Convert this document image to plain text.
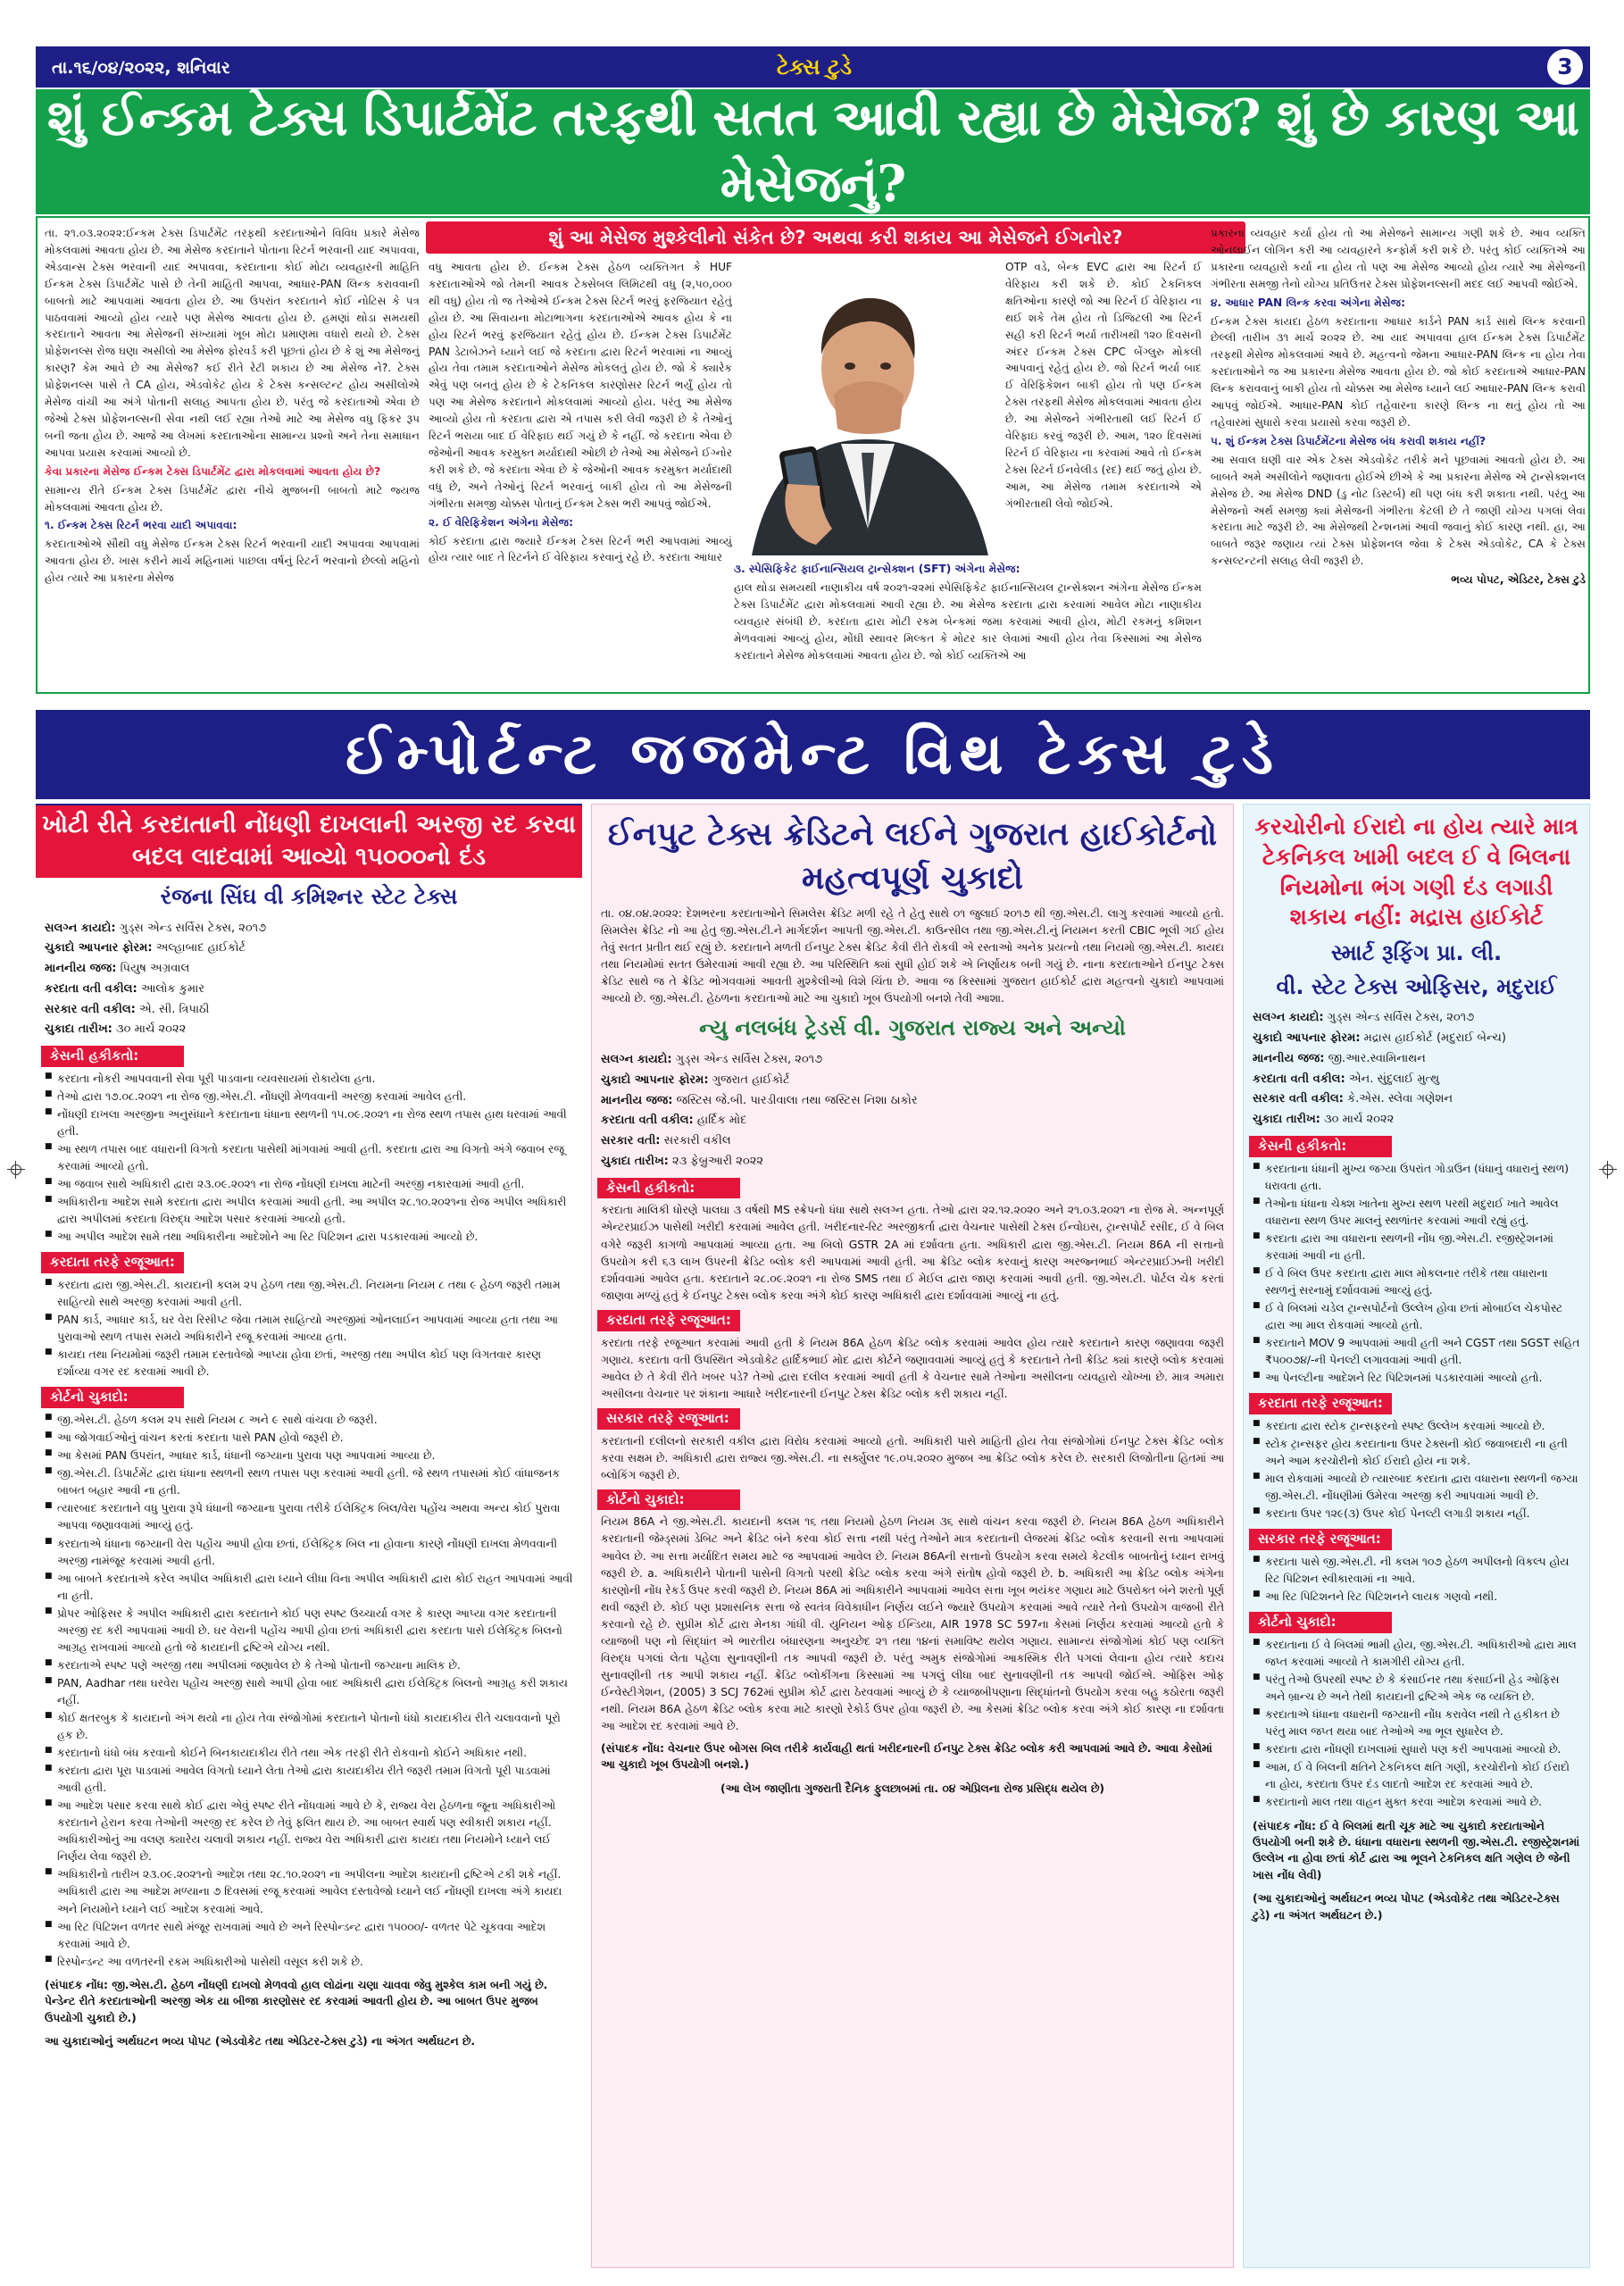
તા.૧૬/૦૪/૨૦૨૨, શનિવાર	ટેક્સ ટુડે	3
શું ઈન્કમ ટેક્સ ડિપાર્ટમેંટ તરફથી સતત આવી રહ્યા છે મેસેજ? શું છે કારણ આ મેસેજનું?
શું આ મેસેજ મુશ્કેલીનો સંકેત છે? અથવા કરી શકાય આ મેસેજને ઈગનોર?

તા. ૨૧.૦૩.૨૦૨૨:ઈન્કમ ટેક્સ ડિપાર્ટમેંટ તરફથી કરદાતાઓને વિવિધ પ્રકારે મેસેજ મોકલવામાં આવતા હોય છે. આ મેસેજ કરદાતાને પોતાના રિટર્ન ભરવાની યાદ અપાવવા, એડવાન્સ ટેક્સ ભરવાની યાદ અપાવવા, કરદાતાના કોઈ મોટા વ્યવહારની માહિતિ ઈન્કમ ટેક્સ ડિપાર્ટમેંટ પાસે છે તેની માહિતી આપવા, આધાર-PAN લિન્ક કરાવવાની બાબતો માટે આપવામાં આવતા હોય છે. આ ઉપરાંત કરદાતાને કોઈ નોટિસ કે પત્ર પાઠવવામાં આવ્યો હોય ત્યારે પણ મેસેજ આવતા હોય છે. હમણાં થોડા સમયથી કરદાતાને આવતા આ મેસેજની સંખ્યામાં ખૂબ મોટા પ્રમાણમા વધારો થયો છે. ટેક્સ પ્રોફેશનલ્સ રોજ ઘણા અસીલો આ મેસેજ ફોરવર્ડ કરી પૂછતાં હોય છે કે શું આ મેસેજનું કારણ? કેમ આવે છે આ મેસેજ? કઈ રીતે રેટી શકાય છે આ મેસેજ ને?. ટેક્સ પ્રોફેશનલ્સ પાસે તે CA હોય, એડવોકેટ હોય કે ટેક્સ કન્સલ્ટન્ટ હોય અસીલોએ મેસેજ વાંચી આ અંગે પોતાની સલાહ આપતા હોય છે. પરંતુ જે કરદાતાઓ એવા છે જેઓ ટેક્સ પ્રોફેશનલ્સની સેવા નથી લઈ રહ્યા તેઓ માટે આ મેસેજ વધુ ફિકર રૂપ બની જતા હોય છે. આજે આ લેખમાં કરદાતાઓના સામાન્ય પ્રશ્નો અને તેના સમાધાન આપવા પ્રયાસ કરવામાં આવ્યો છે.

કેવા પ્રકારના મેસેજ ઈન્કમ ટેક્સ ડિપાર્ટમેંટ દ્વારા મોકલવામાં આવતા હોય છે?

સામાન્ય રીતે ઈન્કમ ટેક્સ ડિપાર્ટમેંટ દ્વારા નીચે મુજબની બાબતો માટે જ્યજ મોકલવામાં આવતા હોય છે.

૧. ઈન્કમ ટેક્સ રિટર્ન ભરવા યાદી અપાવવા:

કરદાતાઓએ સૌથી વધુ મેસેજ ઈન્કમ ટેક્સ રિટર્ન ભરવાની યાદી અપાવવા આપવામાં આવતા હોય છે. ખાસ કરીને માર્ચ મહિનામાં પાછલા વર્ષનું રિટર્ન ભરવાનો છેલ્લો મહિનો હોય ત્યારે આ પ્રકારના મેસેજ

વધુ આવતા હોય છે. ઈન્કમ ટેક્સ હેઠળ વ્યક્તિગત કે HUF કરદાતાઓએ જો તેમની આવક ટેક્સેબલ લિમિટથી વધુ (૨,૫૦,૦૦૦ થી વધુ) હોય તો જ તેઓએ ઈન્કમ ટેક્સ રિટર્ન ભરવું ફરજિયાત રહેતું હોય છે. આ સિવાયના મોટાભાગના કરદાતાઓએ આવક હોય કે ના હોય રિટર્ન ભરવું ફરજિયાત રહેતું હોય છે. ઈન્કમ ટેક્સ ડિપાર્ટમેંટ PAN ડેટાબેઝને ધ્યાને લઈ જે કરદાતા દ્વારા રિટર્ન ભરવામાં ના આવ્યું હોય તેવા તમામ કરદાતાઓને મેસેજ મોકલતું હોય છે. જો કે ક્યારેક એવું પણ બનતું હોય છે કે ટેકનિકલ કારણોસર રિટર્ન ભર્યું હોય તો પણ આ મેસેજ કરદાતાને મોકલવામાં આવ્યો હોય. પરંતુ આ મેસેજ આવ્યો હોય તો કરદાતા દ્વારા એ તપાસ કરી લેવી જરૂરી છે કે તેઓનું રિટર્ન ભરાયા બાદ ઈ વેરિફાઇ થઈ ગયું છે કે નહીં. જે કરદાતા એવા છે જેઓની આવક કરમુક્ત મર્યાદાથી ઓછી છે તેઓ આ મેસેજને ઈગ્નોર કરી શકે છે. જે કરદાતા એવા છે કે જેઓની આવક કરમુક્ત મર્યાદાથી વધુ છે, અને તેઓનું રિટર્ન ભરવાનું બાકી હોય તો આ મેસેજની ગંભીરતા સમજી ચોક્કસ પોતાનું ઈન્કમ ટેક્સ ભરી આપવું જોઈએ.

૨. ઈ વેરિફિકેશન અંગેના મેસેજ:

કોઈ કરદાતા દ્વારા જ્યારે ઈન્કમ ટેક્સ રિટર્ન ભરી આપવામાં આવ્યું હોય ત્યાર બાદ તે રિટર્નને ઈ વેરિફાય કરવાનું રહે છે. કરદાતા આધાર

OTP વડે, બેન્ક EVC દ્વારા આ રિટર્ન ઈ વેરિફાય કરી શકે છે. કોઈ ટેકનિકલ ક્ષતિઓના કારણે જો આ રિટર્ન ઈ વેરિફાય ના થઈ શકે તેમ હોય તો ડિજિટલી આ રિટર્ન સહી કરી રિટર્ન ભર્યા તારીખથી ૧૨૦ દિવસની અંદર ઈન્કમ ટેક્સ CPC બેંગ્લુરુ મોકલી આપવાનું રહેતું હોય છે. જો રિટર્ન ભર્યા બાદ ઈ વેરિફિકેશન બાકી હોય તો પણ ઈન્કમ ટેક્સ તરફથી મેસેજ મોકલવામાં આવતા હોય છે. આ મેસેજને ગંભીરતાથી લઈ રિટર્ન ઈ વેરિફાઇ કરવું જરૂરી છે. આમ, ૧૨૦ દિવસમાં રિટર્ન ઈ વેરિફાય ના કરવામાં આવે તો ઈન્કમ ટેક્સ રિટર્ન ઈનવેલીડ (રદ) થઈ જતું હોય છે. આમ, આ મેસેજ તમામ કરદાતાએ એ ગંભીરતાથી લેવો જોઈએ.

૩. સ્પેસિફિકેટ ફાઈનાન્સિયલ ટ્રાન્સેક્શન (SFT) અંગેના મેસેજ:

હાલ થોડા સમયથી નાણાકીય વર્ષ ૨૦૨૧-૨૨માં સ્પેસિફિકેટ ફાઈનાન્સિયલ ટ્રાન્સેક્શન અંગેના મેસેજ ઈન્કમ ટેક્સ ડિપાર્ટમેંટ દ્વારા મોકલવામાં આવી રહ્યા છે. આ મેસેજ કરદાતા દ્વારા કરવામાં આવેલ મોટા નાણાકીય વ્યવહાર સંબંધી છે. કરદાતા દ્વારા મોટી રકમ બેન્કમાં જમા કરવામાં આવી હોય, મોટી રકમનું કમિશન મેળવવામાં આવ્યું હોય, મોંઘી સ્થાવર મિલ્કત કે મોટર કાર લેવામાં આવી હોય તેવા કિસ્સામાં આ મેસેજ કરદાતાને મેસેજ મોકલવામાં આવતા હોય છે. જો કોઈ વ્યક્તિએ આ

પ્રકારના વ્યવહાર કર્યા હોય તો આ મેસેજને સામાન્ય ગણી શકે છે. આવ વ્યક્તિ ઓનલાઈન લોગિન કરી આ વ્યવહારને કન્ફોર્મ કરી શકે છે. પરંતુ કોઈ વ્યક્તિએ આ પ્રકારના વ્યવહારો કર્યા ના હોય તો પણ આ મેસેજ આવ્યો હોય ત્યારે આ મેસેજની ગંભીરતા સમજી તેનો યોગ્ય પ્રતિઉત્તર ટેક્સ પ્રોફેશનલ્સની મદદ લઈ આપવી જોઈએ.

૪. આધાર PAN લિન્ક કરવા અંગેના મેસેજ:

ઈન્કમ ટેક્સ કાયદા હેઠળ કરદાતાના આધાર કાર્ડને PAN કાર્ડ સાથે લિન્ક કરવાની છેલ્લી તારીખ ૩૧ માર્ચ ૨૦૨૨ છે. આ યાદ અપાવવા હાલ ઈન્કમ ટેક્સ ડિપાર્ટમેંટ તરફથી મેસેજ મોકલવામાં આવે છે. મહત્વનો જેમના આધાર-PAN લિન્ક ના હોય તેવા કરદાતાઓને જ આ પ્રકારના મેસેજ આવતા હોય છે. જો કોઈ કરદાતાએ આધાર-PAN લિન્ક કરાવવાનું બાકી હોય તો ચોક્કસ આ મેસેજ ધ્યાને લઈ આધાર-PAN લિન્ક કરાવી આપવું જોઈએ. આધાર-PAN કોઈ તહેવારના કારણે લિન્ક ના થતું હોય તો આ તહેવારમાં સુધારો કરવા પ્રયાસો કરવા જરૂરી છે.

૫. શું ઈન્કમ ટેક્સ ડિપાર્ટમેંટના મેસેજ બંધ કરાવી શકાય નહીં?

આ સવાલ ઘણી વાર એક ટેક્સ એડવોકેટ તરીકે મને પૂછવામાં આવતો હોય છે. આ બાબતે અમે અસીલોને જણાવતા હોઈએ છીએ કે આ પ્રકારના મેસેજ એ ટ્રાન્સેક્શનલ મેસેજ છે. આ મેસેજ DND (ડુ નોટ ડિસ્ટર્બ) થી પણ બંધ કરી શકાતા નથી. પરંતુ આ મેસેજનો અર્થ સમજી ક્યાં મેસેજની ગંભીરતા કેટલી છે તે જાણી યોગ્ય પગલાં લેવા કરદાતા માટે જરૂરી છે. આ મેસેજથી ટેન્શનમાં આવી જવાનું કોઈ કારણ નથી. હા, આ બાબતે જરૂર જણાય ત્યાં ટેક્સ પ્રોફેશનલ જેવા કે ટેક્સ એડવોકેટ, CA કે ટેક્સ કન્સલ્ટન્ટની સલાહ લેવી જરૂરી છે.

ભવ્ય પોપટ, એડિટર, ટેક્સ ટુડે

ઈમ્પોર્ટન્ટ જજમેન્ટ વિથ ટેક્સ ટુડે
ખોટી રીતે કરદાતાની નોંધણી દાખલાની અરજી રદ કરવા બદલ લાદવામાં આવ્યો ૧૫૦૦૦નો દંડ
રંજના સિંઘ વી કમિશ્નર સ્ટેટ ટેક્સ
સલગ્ન કાયદો: ગુડ્સ એન્ડ સર્વિસ ટેક્સ, ૨૦૧૭
ચુકાદો આપનાર ફોરમ: અલ્હાબાદ હાઈકોર્ટ
માનનીય જજ: પિયુષ અગ્રવાલ
કરદાતા વતી વકીલ: આલોક કુમાર
સરકાર વતી વકીલ: એ. સી. ત્રિપાઠી
ચુકાદા તારીખ: ૩૦ માર્ચ ૨૦૨૨
કેસની હકીકતો:
■ કરદાતા નોકરી આપવવાની સેવા પૂરી પાડવાના વ્યવસાયમાં રોકાયેલા હતા.
■ તેઓ દ્વારા ૧૭.૦૮.૨૦૨૧ ના રોજ જી.એસ.ટી. નોંધણી મેળવવાની અરજી કરવામાં આવેલ હતી.
■ નોંધણી દાખલા અરજીના અનુસંધાને કરદાતાના ધંધાના સ્થળની ૧૫.૦૯.૨૦૨૧ ના રોજ સ્થળ તપાસ હાથ ધરવામાં આવી હતી.
■ આ સ્થળ તપાસ બાદ વધારાની વિગતો કરદાતા પાસેથી માંગવામાં આવી હતી. કરદાતા દ્વારા આ વિગતો અંગે જવાબ રજૂ કરવામાં આવ્યો હતો.
■ આ જવાબ સાથે અધિકારી દ્વારા ૨૩.૦૯.૨૦૨૧ ના રોજ નોંધણી દાખલા માટેની અરજી નકારવામાં આવી હતી.
■ અધિકારીના આદેશ સામે કરદાતા દ્વારા અપીલ કરવામાં આવી હતી. આ અપીલ ૨૮.૧૦.૨૦૨૧ના રોજ અપીલ અધિકારી દ્વારા અપીલમાં કરદાતા વિરુદ્ધ આદેશ પસાર કરવામાં આવ્યો હતો.
■ આ અપીલ આદેશ સામે તથા અધિકારીના આદેશોને આ રિટ પિટિશન દ્વારા પડકારવામાં આવ્યો છે.
કરદાતા તરફે રજૂઆત:
■ કરદાતા દ્વારા જી.એસ.ટી. કાયદાની કલમ ૨૫ હેઠળ તથા જી.એસ.ટી. નિયમના નિયમ ૮ તથા ૯ હેઠળ જરૂરી તમામ સાહિત્યો સાથે અરજી કરવામાં આવી હતી.
■ PAN કાર્ડ, આધાર કાર્ડ, ઘર વેરા રિસીપ્ટ જેવા તમામ સાહિત્યો અરજીમાં ઓનલાઈન આપવામાં આવ્યા હતા તથા આ પુરાવાઓ સ્થળ તપાસ સમયે અધિકારીને રજૂ કરવામાં આવ્યા હતા.
■ કાયદા તથા નિયમોમાં જરૂરી તમામ દસ્તાવેજો આપ્યા હોવા છતાં, અરજી તથા અપીલ કોઈ પણ વિગતવાર કારણ દર્શાવ્યા વગર રદ કરવામાં આવી છે.
કોર્ટનો ચુકાદો:
■ જી.એસ.ટી. હેઠળ કલમ ૨૫ સાથે નિયમ ૮ અને ૯ સાથે વાંચવા છે જરૂરી.
■ આ જોગવાઈઓનું વાંચન કરતાં કરદાતા પાસે PAN હોવો જરૂરી છે.
■ આ કેસમાં PAN ઉપરાંત, આધાર કાર્ડ, ધંધાની જગ્યાના પુરાવા પણ આપવામાં આવ્યા છે.
■ જી.એસ.ટી. ડિપાર્ટમેંટ દ્વારા ધંધાના સ્થળની સ્થળ તપાસ પણ કરવામાં આવી હતી. જે સ્થળ તપાસમાં કોઈ વાંધાજનક બાબત બહાર આવી ના હતી.
■ ત્યારબાદ કરદાતાને વધુ પુરાવા રૂપે ધંધાની જગ્યાના પુરાવા તરીકે ઈલેક્ટ્રિક બિલ/વેરા પહોંચ અથવા અન્ય કોઈ પુરાવા આપવા જણાવવામાં આવ્યું હતું.
■ કરદાતાએ ધંધાના જગ્યાની વેરા પહોંચ આપી હોવા છતાં, ઈલેક્ટ્રિક બિલ ના હોવાના કારણે નોંધણી દાખલા મેળવવાની અરજી નામંજૂર કરવામાં આવી હતી.
■ આ બાબતે કરદાતાએ કરેલ અપીલ અધિકારી દ્વારા ધ્યાને લીધા વિના અપીલ અધિકારી દ્વારા કોઈ રાહત આપવામાં આવી ના હતી.
■ પ્રોપર ઓફિસર કે અપીલ અધિકારી દ્વારા કરદાતાને કોઈ પણ સ્પષ્ટ ઉચ્ચાર્યા વગર કે કારણ આપ્યા વગર કરદાતાની અરજી રદ કરી આપવામાં આવી છે. ઘર વેરાની પહોંચ આપી હોવા છતાં અધિકારી દ્વારા કરદાતા પાસે ઈલેક્ટ્રિક બિલનો આગ્રહ રાખવામાં આવ્યો હતો જે કાયદાની દ્રષ્ટિએ યોગ્ય નથી.
■ કરદાતાએ સ્પષ્ટ પણે અરજી તથા અપીલમાં જણાવેલ છે કે તેઓ પોતાની જગ્યાના માલિક છે.
■ PAN, Aadhar તથા ઘરવેરા પહોંચ અરજી સાથે આપી હોવા બાદ અધિકારી દ્વારા ઈલેક્ટ્રિક બિલનો આગ્રહ કરી શકાય નહીં.
■ કોઈ ક્ષતરબુક કે કાયદાનો અંગ થયો ના હોય તેવા સંજોગોમાં કરદાતાને પોતાનો ધંધો કાયદાકીય રીતે ચલાવવાનો પૂરો હક છે.
■ કરદાતાનો ધંધો બંધ કરવાનો કોઈને બિનકાયદાકીય રીતે તથા એક તરફી રીતે રોકવાનો કોઈને અધિકાર નથી.
■ કરદાતા દ્વારા પૂરા પાડવામાં આવેલ વિગતો ધ્યાને લેતા તેઓ દ્વારા કાયદાકીય રીતે જરૂરી તમામ વિગતો પૂરી પાડવામાં આવી હતી.
■ આ આદેશ પસાર કરવા સાથે કોઈ દ્વારા એવું સ્પષ્ટ રીતે નોંધવામાં આવે છે કે, રાજ્ય વેરા હેઠળના જૂના અધિકારીઓ કરદાતાને હેરાન કરવા તેઓની અરજી રદ કરેલ છે તેવું ફલિત થાય છે. આ બાબત સ્વાર્થ પણ સ્વીકારી શકાય નહીં. અધિકારીઓનું આ વલણ ક્યારેય ચલાવી શકાય નહીં. રાજ્ય વેરા અધિકારી દ્વારા કાયદા તથા નિયમોને ધ્યાને લઈ નિર્ણય લેવા જરૂરી છે.
■ અધિકારીનો તારીખ ૨૩.૦૯.૨૦૨૧નો આદેશ તથા ૨૮.૧૦.૨૦૨૧ ના અપીલના આદેશ કાયદાની દ્રષ્ટિએ ટકી શકે નહીં. અધિકારી દ્વારા આ આદેશ મળ્યાના ૭ દિવસમાં રજૂ કરવામાં આવેલ દસ્તાવેજો ધ્યાને લઈ નોંધણી દાખલા અંગે કાયદા અને નિયમોને ધ્યાને લઈ આદેશ કરવામાં આવે.
■ આ રિટ પિટિશન વળતર સાથે મંજૂર રાખવામાં આવે છે અને રિસ્પોન્ડન્ટ દ્વારા ૧૫૦૦૦/- વળતર પેટે ચૂકવવા આદેશ કરવામાં આવે છે.
■ રિસ્પોન્ડન્ટ આ વળતરની રકમ અધિકારીઓ પાસેથી વસૂલ કરી શકે છે.
(સંપાદક નોંધ: જી.એસ.ટી. હેઠળ નોંધણી દાખલો મેળવવો હાલ લોઢાંના ચણા ચાવવા જેવુ મુશ્કેલ કામ બની ગયું છે. પેન્ડેન્ટ રીતે કરદાતાઓની અરજી એક યા બીજા કારણોસર રદ કરવામાં આવતી હોય છે. આ બાબત ઉપર મુજબ ઉપયોગી ચુકાદો છે.)
આ ચુકાદાઓનું અર્થઘટન ભવ્ય પોપટ (એડવોકેટ તથા એડિટર-ટેક્સ ટુડે) ના અંગત અર્થઘટન છે.
ઈનપુટ ટેક્સ ક્રેડિટને લઈને ગુજરાત હાઈકોર્ટનો મહત્વપૂર્ણ ચુકાદો
તા. ૦૪.૦૪.૨૦૨૨: દેશભરના કરદાતાઓને સિમલેસ ક્રેડિટ મળી રહે તે હેતુ સાથે ૦૧ જુલાઈ ૨૦૧૭ થી જી.એસ.ટી. લાગુ કરવામાં આવ્યો હતો. સિમલેસ ક્રેડિટ નો આ હેતુ જી.એસ.ટી.ને માર્ગદર્શન આપતી જી.એસ.ટી. કાઉન્સીલ તથા જી.એસ.ટી.નું નિયમન કરતી CBIC ભૂલી ગઈ હોય તેવું સતત પ્રતીત થઈ રહ્યું છે. કરદાતાને મળતી ઈનપુટ ટેક્સ ક્રેડિટ કેવી રીતે રોકવી એ રસ્તાઓ અનેક પ્રયત્નો તથા નિયમો જી.એસ.ટી. કાયદા તથા નિયમોમાં સતત ઉમેરવામાં આવી રહ્યા છે. આ પરિસ્થિતિ ક્યાં સુધી હોઈ શકે એ નિર્ણાયક બની ગયું છે. નાના કરદાતાઓને ઈનપુટ ટેક્સ ક્રેડિટ સાથે જ તે ક્રેડિટ ભોગવવામાં આવતી મુશ્કેલીઓ વિશે ચિંતા છે. આવા જ કિસ્સામાં ગુજરાત હાઈકોર્ટ દ્વારા મહત્વનો ચુકાદો આપવામાં આવ્યો છે. જી.એસ.ટી. હેઠળના કરદાતાઓ માટે આ ચુકાદો ખૂબ ઉપયોગી બનશે તેવી આશા.
ન્યુ નલબંધ ટ્રેડર્સ વી. ગુજરાત રાજ્ય અને અન્યો
સલગ્ન કાયદો: ગુડ્સ એન્ડ સર્વિસ ટેક્સ, ૨૦૧૭
ચુકાદો આપનાર ફોરમ: ગુજરાત હાઈકોર્ટ
માનનીય જજ: જસ્ટિસ જે.બી. પારડીવાલા તથા જસ્ટિસ નિશા ઠાકોર
કરદાતા વતી વકીલ: હાર્દિક મોદ
સરકાર વતી: સરકારી વકીલ
ચુકાદા તારીખ: ૨૩ ફેબ્રુઆરી ૨૦૨૨
કેસની હકીકતો:
કરદાતા માલિકી ધોરણે પાલઘા ૩ વર્ષથી MS સ્ક્રેપનો ધંધા સાથે સલગ્ન હતા. તેઓ દ્વારા ૨૨.૧૨.૨૦૨૦ અને ૨૧.૦૩.૨૦૨૧ ના રોજ મે. અન્નપૂર્ણ એન્ટરપ્રાઈઝ પાસેથી ખરીદી કરવામાં આવેલ હતી. ખરીદનાર-રિટ અરજીકર્તા દ્વારા વેચનાર પાસેથી ટેક્સ ઈન્વોઇસ, ટ્રાન્સપોર્ટ રસીદ, ઈ વે બિલ વગેરે જરૂરી કાગળો આપવામાં આવ્યા હતા. આ બિલો GSTR 2A માં દર્શાવતા હતા. અધિકારી દ્વારા જી.એસ.ટી. નિયમ 86A ની સત્તાનો ઉપયોગ કરી ૬૩ લાખ ઉપરની ક્રેડિટ બ્લોક કરી આપવામાં આવી હતી. આ ક્રેડિટ બ્લોક કરવાનું કારણ અરજ્નભાઈ એન્ટરપ્રાઈઝની ખરીદી દર્શાવવામાં આવેલ હતા. કરદાતાને ૨૮.૦૯.૨૦૨૧ ના રોજ SMS તથા ઈ મેઈલ દ્વારા જાણ કરવામાં આવી હતી. જી.એસ.ટી. પોર્ટલ ચેક કરતાં જાણવા મળ્યું હતું કે ઈનપુટ ટેક્સ બ્લોક કરવા અંગે કોઈ કારણ અધિકારી દ્વારા દર્શાવવામાં આવ્યું ના હતું.
કરદાતા તરફે રજૂઆત:
કરદાતા તરફે રજૂઆત કરવામાં આવી હતી કે નિયમ 86A હેઠળ ક્રેડિટ બ્લોક કરવામાં આવેલ હોય ત્યારે કરદાતાને કારણ જણાવવા જરૂરી ગણાય. કરદાતા વતી ઉપસ્થિત એડવોકેટ હાર્દિકભાઈ મોદ દ્વારા કોર્ટને જણાવવામાં આવ્યું હતું કે કરદાતાને તેની ક્રેડિટ ક્યાં કારણે બ્લોક કરવામાં આવેલ છે તે કેવી રીતે ખબર પડે? તેઓ દ્વારા દલીલ કરવામાં આવી હતી કે વેચનાર સામે તેઓના અસીલના વ્યવહારો ચોખ્ખા છે. માત્ર અમારા અસીલના વેચનાર પર શંકાના આધારે ખરીદનારની ઈનપુટ ટેક્સ ક્રેડિટ બ્લોક કરી શકાય નહીં.
સરકાર તરફે રજૂઆત:
કરદાતાની દલીલનો સરકારી વકીલ દ્વારા વિરોધ કરવામાં આવ્યો હતો. અધિકારી પાસે માહિતી હોય તેવા સંજોગોમાં ઈનપુટ ટેક્સ ક્રેડિટ બ્લોક કરવા સક્ષમ છે. અધિકારી દ્વારા રાજ્ય જી.એસ.ટી. ના સર્ક્યુલર ૧૯.૦૫.૨૦૨૦ મુજબ આ ક્રેડિટ બ્લોક કરેલ છે. સરકારી લિજોતીના હિતમાં આ બ્લોકિંગ જરૂરી છે.
કોર્ટનો ચુકાદો:
નિયમ 86A ને જી.એસ.ટી. કાયદાની કલમ ૧૬ તથા નિયમો હેઠળ નિયમ ૩૬ સાથે વાંચન કરવા જરૂરી છે. નિયમ 86A હેઠળ અધિકારીને કરદાતાની જેમ્ડ્સમાં ડેબિટ અને ક્રેડિટ બંને કરવા કોઈ સત્તા નથી પરંતુ તેઓને માત્ર કરદાતાની લેજરમાં ક્રેડિટ બ્લોક કરવાની સત્તા આપવામાં આવેલ છે. આ સત્તા મર્યાદિત સમય માટે જ આપવામાં આવેલ છે. નિયમ 86Aની સત્તાનો ઉપયોગ કરવા સમયે કેટલીક બાબતોનું ધ્યાન રાખવું જરૂરી છે. a. અધિકારીને પોતાની પાસેની વિગતો પરથી ક્રેડિટ બ્લોક કરવા અંગે સંતોષ હોવો જરૂરી છે. b. અધિકારી આ ક્રેડિટ બ્લોક અંગેના કારણોની નોંધ રેકર્ડ ઉપર કરવી જરૂરી છે. નિયમ 86A માં અધિકારીને આપવામાં આવેલ સત્તા ખૂબ ભયંકર ગણાય માટે ઉપરોક્ત બંને શરતો પૂર્ણ થવી જરૂરી છે. કોઈ પણ પ્રશાસનિક સત્તા જે સ્વતંત્ર વિવેકાધીન નિર્ણય લઈને જ્યારે ઉપયોગ કરવામાં આવે ત્યારે તેનો ઉપયોગ વાજબી રીતે કરવાનો રહે છે. સુપ્રીમ કોર્ટ દ્વારા મેનકા ગાંધી વી. યુનિયન ઓફ ઈન્ડિયા, AIR 1978 SC 597ના કેસમાં નિર્ણય કરવામાં આવ્યો હતો કે વ્યાજબી પણ નો સિદ્ધાંત એ ભારતીય બંધારણના અનુચ્છેદ ૨૧ તથા ૧૪નાં સમાવિષ્ટ થયેલ ગણાય. સામાન્ય સંજોગોમાં કોઈ પણ વ્યક્તિ વિરુદ્ધ પગલાં લેતા પહેલા સુનાવણીની તક આપવી જરૂરી છે. પરંતુ અમુક સંજોગોમાં આકસ્મિક રીતે પગલાં લેવાના હોય ત્યારે કદાચ સુનાવણીની તક આપી શકાય નહીં. ક્રેડિટ બ્લોકીંગના કિસ્સામાં આ પગલું લીધા બાદ સુનાવણીની તક આપવી જોઈએ. ઓફિસ ઓફ ઈન્વેસ્ટીગેશન, (2005) 3 SCJ 762માં સુપ્રીમ કોર્ટ દ્વારા ઠેરવવામાં આવ્યું છે કે વ્યાજબીપણાના સિદ્ધાંતનો ઉપયોગ કરવા બહુ કઠોરતા જરૂરી નથી. નિયમ 86A હેઠળ ક્રેડિટ બ્લોક કરવા માટે કારણો રેકોર્ડ ઉપર હોવા જરૂરી છે. આ કેસમાં ક્રેડિટ બ્લોક કરવા અંગે કોઈ કારણ ના દર્શાવતા આ આદેશ રદ કરવામાં આવે છે.
(સંપાદક નોંધ: વેચનાર ઉપર બોગસ બિલ તરીકે કાર્યવાહી થતાં ખરીદનારની ઈનપુટ ટેક્સ ક્રેડિટ બ્લોક કરી આપવામાં આવે છે. આવા કેસોમાં આ ચુકાદો ખૂબ ઉપયોગી બનશે.)
(આ લેખ જાણીતા ગુજરાતી દૈનિક ફુલછાબમાં તા. ૦૪ એપ્રિલના રોજ પ્રસિદ્ધ થયેલ છે)
કરચોરીનો ઈરાદો ના હોય ત્યારે માત્ર ટેકનિકલ ખામી બદલ ઈ વે બિલના નિયમોના ભંગ ગણી દંડ લગાડી શકાય નહીં: મદ્રાસ હાઈકોર્ટ
સ્માર્ટ રૂફિંગ પ્રા. લી.
વી. સ્ટેટ ટેક્સ ઓફિસર, મદુરાઈ
સલગ્ન કાયદો: ગુડ્સ એન્ડ સર્વિસ ટેક્સ, ૨૦૧૭
ચુકાદો આપનાર ફોરમ: મદ્રાસ હાઈકોર્ટ (મદુરાઈ બેન્ચ)
માનનીય જજ: જી.આર.સ્વામિનાથન
કરદાતા વતી વકીલ: એન. સુંદુલાઈ મુત્થુ
સરકાર વતી વકીલ: કે.એસ. સ્લેવા ગણેશન
ચુકાદા તારીખ: ૩૦ માર્ચ ૨૦૨૨
કેસની હકીકતો:
■ કરદાતાના ધંધાની મુખ્ય જગ્યા ઉપરાંત ગોડાઉન (ધંધાનું વધારાનું સ્થળ) ધરાવતા હતા.
■ તેઓના ધંધાના ચેક્શ ખાતેના મુખ્ય સ્થળ પરથી મદુરાઈ ખાતે આવેલ વધારાના સ્થળ ઉપર માલનું સ્થળાંતર કરવામાં આવી રહ્યું હતું.
■ કરદાતા દ્વારા આ વધારાના સ્થળની નોંધ જી.એસ.ટી. રજીસ્ટ્રેશનમાં કરવામાં આવી ના હતી.
■ ઈ વે બિલ ઉપર કરદાતા દ્વારા માલ મોકલનાર તરીકે તથા વધારાના સ્થળનું સરનામું દર્શાવવામાં આવ્યું હતું.
■ ઈ વે બિલમાં ચડેલ ટ્રાન્સપોર્ટનો ઉલ્લેખ હોવા છતાં મોબાઈલ ચેકપોસ્ટ દ્વારા આ માલ રોકવામાં આવ્યો હતો.
■ કરદાતાને MOV 9 આપવામાં આવી હતી અને CGST તથા SGST સહિત ₹૫૦૦૭૪/-ની પેનલ્ટી લગાવવામાં આવી હતી.
■ આ પેનલ્ટીના આદેશને રિટ પિટિશનમાં પડકારવામાં આવ્યો હતો.
કરદાતા તરફે રજૂઆત:
■ કરદાતા દ્વારા સ્ટોક ટ્રાન્સફરનો સ્પષ્ટ ઉલ્લેખ કરવામાં આવ્યો છે.
■ સ્ટોક ટ્રાન્સફર હોય કરદાતાના ઉપર ટેક્સની કોઈ જવાબદારી ના હતી અને આમ કરચોરીનો કોઈ ઈરાદો હોય ના શકે.
■ માલ રોકવામાં આવ્યો છે ત્યારબાદ કરદાતા દ્વારા વધારાના સ્થળની જગ્યા જી.એસ.ટી. નોંધણીમાં ઉમેરવા અરજી કરી આપવામાં આવી છે.
■ કરદાતા ઉપર ૧૨૯(૩) ઉપર કોઈ પેનલ્ટી લગાડી શકાય નહીં.
સરકાર તરફે રજૂઆત:
■ કરદાતા પાસે જી.એસ.ટી. ની કલમ ૧૦૭ હેઠળ અપીલનો વિકલ્પ હોય રિટ પિટિશન સ્વીકારવામાં ના આવે.
■ આ રિટ પિટિશનને રિટ પિટિશનને લાયક ગણવો નથી.
કોર્ટનો ચુકાદો:
■ કરદાતાના ઈ વે બિલમાં ભામી હોય, જી.એસ.ટી. અધિકારીઓ દ્વારા માલ જપ્ત કરવામાં આવ્યો તે કામગીરી યોગ્ય હતી.
■ પરંતુ તેઓ ઉપરથી સ્પષ્ટ છે કે કંસાઈનર તથા કંસાઈની હેડ ઓફિસ અને બ્રાન્ચ છે અને તેથી કાયદાની દ્રષ્ટિએ એક જ વ્યક્તિ છે.
■ કરદાતાએ ધંધાના વધારાની જગ્યાની નોંધ કરાવેલ નથી તે હકીકત છે પરંતુ માલ જપ્ત થયા બાદ તેઓએ આ ભૂલ સુધારેલ છે.
■ કરદાતા દ્વારા નોંધણી દાખલામાં સુધારો પણ કરી આપવામાં આવ્યો છે.
■ આમ, ઈ વે બિલની ક્ષતિને ટેકનિકલ ક્ષતિ ગણી, કરચોરીનો કોઈ ઈરાદો ના હોય, કરદાતા ઉપર દંડ લાદતો આદેશ રદ કરવામાં આવે છે.
■ કરદાતાનો માલ તથા વાહન મુક્ત કરવા આદેશ કરવામાં આવે છે.
(સંપાદક નોંધ: ઈ વે બિલમાં થતી ચૂક માટે આ ચુકાદો કરદાતાઓને ઉપયોગી બની શકે છે. ધંધાના વધારાના સ્થળની જી.એસ.ટી. રજીસ્ટ્રેશનમાં ઉલ્લેખ ના હોવા છતાં કોર્ટ દ્વારા આ ભૂલને ટેકનિકલ ક્ષતિ ગણેલ છે જેની ખાસ નોંધ લેવી)
(આ ચુકાદાઓનું અર્થઘટન ભવ્ય પોપટ (એડવોકેટ તથા એડિટર-ટેક્સ ટુડે) ના અંગત અર્થઘટન છે.)
